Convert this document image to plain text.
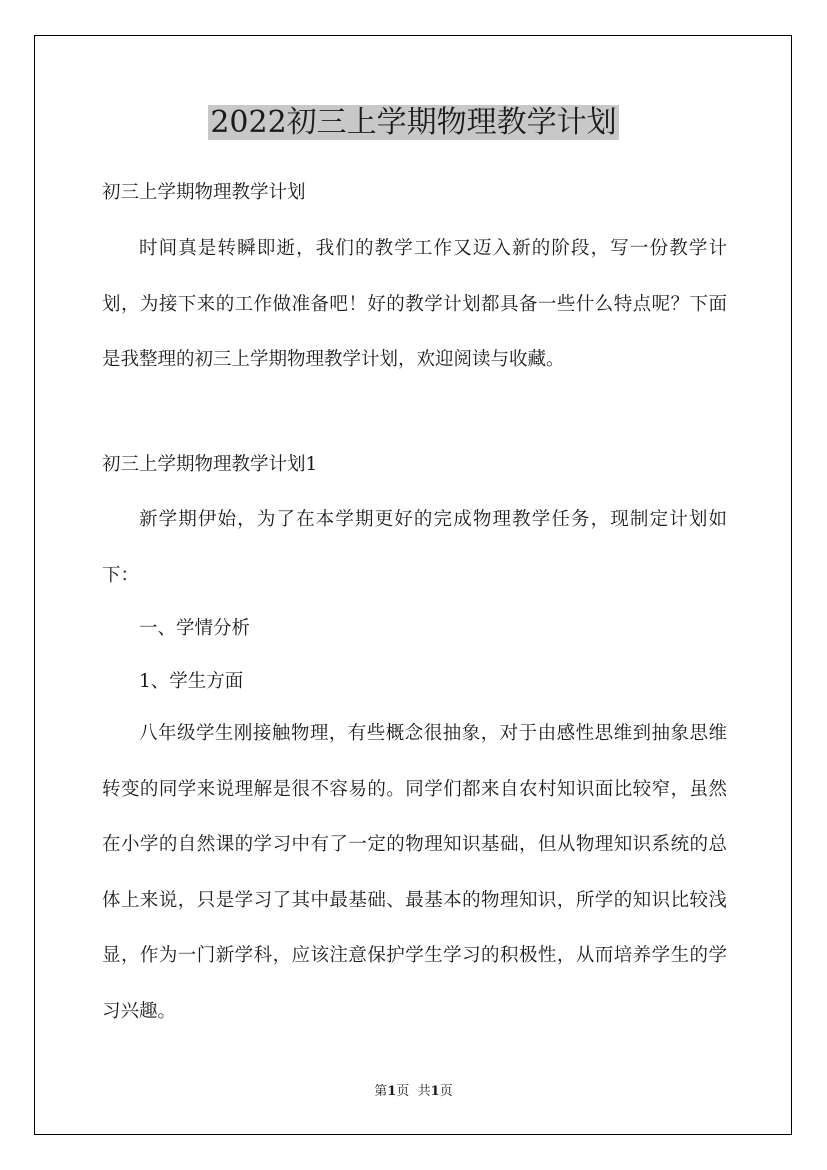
2022初三上学期物理教学计划

初三上学期物理教学计划

时间真是转瞬即逝，我们的教学工作又迈入新的阶段，写一份教学计划，为接下来的工作做准备吧！好的教学计划都具备一些什么特点呢？下面是我整理的初三上学期物理教学计划，欢迎阅读与收藏。

初三上学期物理教学计划1

新学期伊始，为了在本学期更好的完成物理教学任务，现制定计划如下：

一、学情分析

1、学生方面

八年级学生刚接触物理，有些概念很抽象，对于由感性思维到抽象思维转变的同学来说理解是很不容易的。同学们都来自农村知识面比较窄，虽然在小学的自然课的学习中有了一定的物理知识基础，但从物理知识系统的总体上来说，只是学习了其中最基础、最基本的物理知识，所学的知识比较浅显，作为一门新学科，应该注意保护学生学习的积极性，从而培养学生的学习兴趣。

第1页 共1页
